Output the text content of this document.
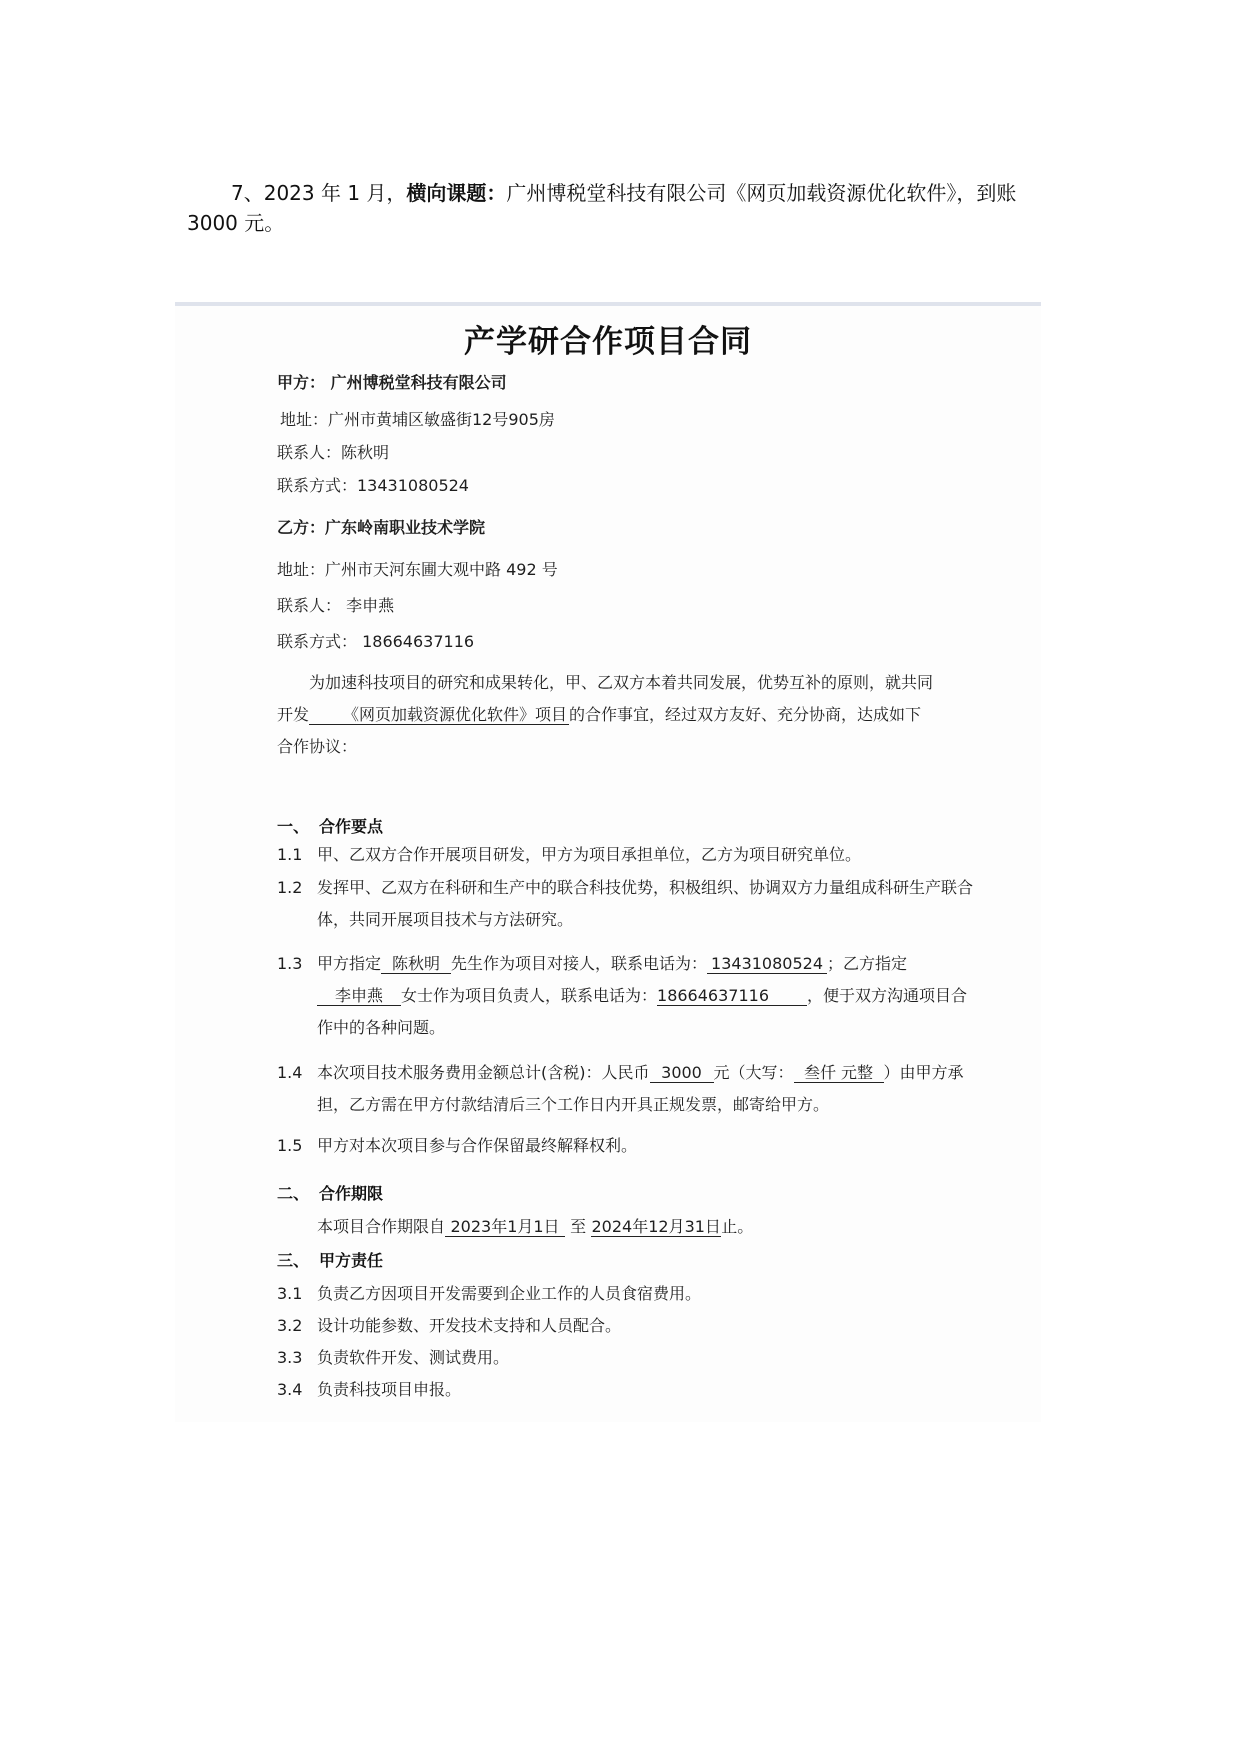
7、2023 年 1 月，横向课题：广州博税堂科技有限公司《网页加载资源优化软件》，到账 3000 元。

产学研合作项目合同
甲方： 广州博税堂科技有限公司
地址：广州市黄埔区敏盛街12号905房
联系人：陈秋明
联系方式：13431080524
乙方：广东岭南职业技术学院
地址：广州市天河东圃大观中路 492 号
联系人： 李申燕
联系方式： 18664637116
为加速科技项目的研究和成果转化，甲、乙双方本着共同发展，优势互补的原则，就共同开发 《网页加载资源优化软件》项目 的合作事宜，经过双方友好、充分协商，达成如下合作协议：
一、 合作要点
1.1 甲、乙双方合作开展项目研发，甲方为项目承担单位，乙方为项目研究单位。
1.2 发挥甲、乙双方在科研和生产中的联合科技优势，积极组织、协调双方力量组成科研生产联合体，共同开展项目技术与方法研究。
1.3 甲方指定 陈秋明 先生作为项目对接人，联系电话为： 13431080524 ；乙方指定李申燕 女士作为项目负责人，联系电话为：18664637116 ，便于双方沟通项目合作中的各种问题。
1.4 本次项目技术服务费用金额总计(含税)：人民币 3000 元（大写： 叁仟 元整 ）由甲方承担，乙方需在甲方付款结清后三个工作日内开具正规发票，邮寄给甲方。
1.5 甲方对本次项目参与合作保留最终解释权利。
二、 合作期限
本项目合作期限自 2023年1月1日 至 2024年12月31日止。
三、 甲方责任
3.1 负责乙方因项目开发需要到企业工作的人员食宿费用。
3.2 设计功能参数、开发技术支持和人员配合。
3.3 负责软件开发、测试费用。
3.4 负责科技项目申报。
